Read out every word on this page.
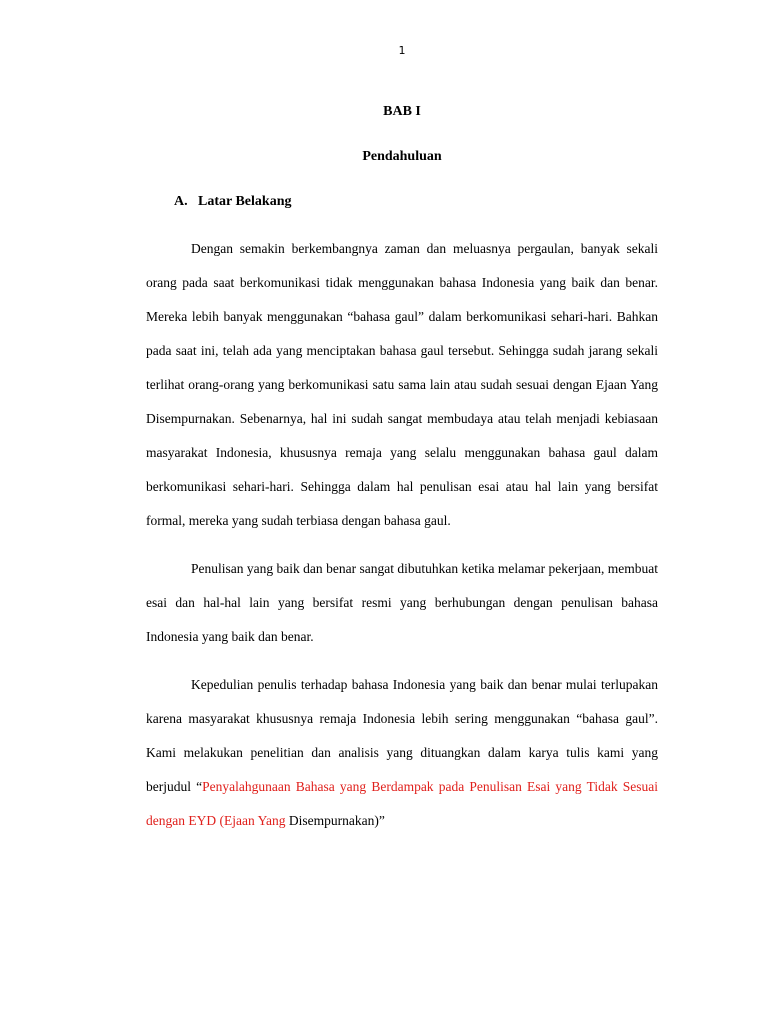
1
BAB I
Pendahuluan
A. Latar Belakang

Dengan semakin berkembangnya zaman dan meluasnya pergaulan, banyak sekali orang pada saat berkomunikasi tidak menggunakan bahasa Indonesia yang baik dan benar. Mereka lebih banyak menggunakan “bahasa gaul” dalam berkomunikasi sehari-hari. Bahkan pada saat ini, telah ada yang menciptakan bahasa gaul tersebut. Sehingga sudah jarang sekali terlihat orang-orang yang berkomunikasi satu sama lain atau sudah sesuai dengan Ejaan Yang Disempurnakan. Sebenarnya, hal ini sudah sangat membudaya atau telah menjadi kebiasaan masyarakat Indonesia, khususnya remaja yang selalu menggunakan bahasa gaul dalam berkomunikasi sehari-hari. Sehingga dalam hal penulisan esai atau hal lain yang bersifat formal, mereka yang sudah terbiasa dengan bahasa gaul.

Penulisan yang baik dan benar sangat dibutuhkan ketika melamar pekerjaan, membuat esai dan hal-hal lain yang bersifat resmi yang berhubungan dengan penulisan bahasa Indonesia yang baik dan benar.

Kepedulian penulis terhadap bahasa Indonesia yang baik dan benar mulai terlupakan karena masyarakat khususnya remaja Indonesia lebih sering menggunakan “bahasa gaul”. Kami melakukan penelitian dan analisis yang dituangkan dalam karya tulis kami yang berjudul “Penyalahgunaan Bahasa yang Berdampak pada Penulisan Esai yang Tidak Sesuai dengan EYD (Ejaan Yang Disempurnakan)”
